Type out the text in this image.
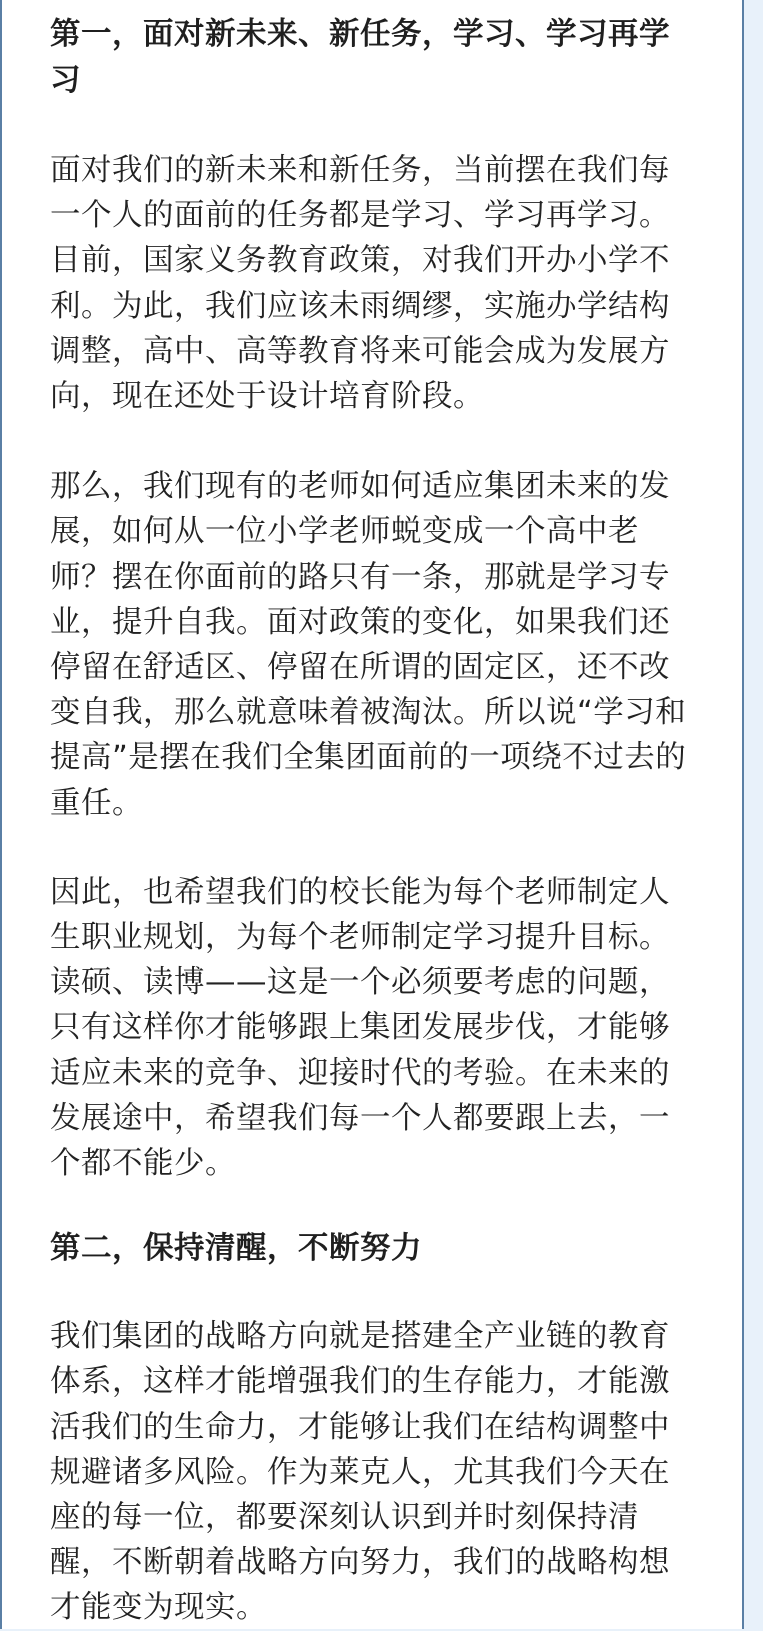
第一，面对新未来、新任务，学习、学习再学习

面对我们的新未来和新任务，当前摆在我们每一个人的面前的任务都是学习、学习再学习。目前，国家义务教育政策，对我们开办小学不利。为此，我们应该未雨绸缪，实施办学结构调整，高中、高等教育将来可能会成为发展方向，现在还处于设计培育阶段。

那么，我们现有的老师如何适应集团未来的发展，如何从一位小学老师蜕变成一个高中老师？摆在你面前的路只有一条，那就是学习专业，提升自我。面对政策的变化，如果我们还停留在舒适区、停留在所谓的固定区，还不改变自我，那么就意味着被淘汰。所以说“学习和提高”是摆在我们全集团面前的一项绕不过去的重任。

因此，也希望我们的校长能为每个老师制定人生职业规划，为每个老师制定学习提升目标。读硕、读博——这是一个必须要考虑的问题，只有这样你才能够跟上集团发展步伐，才能够适应未来的竞争、迎接时代的考验。在未来的发展途中，希望我们每一个人都要跟上去，一个都不能少。

第二，保持清醒，不断努力

我们集团的战略方向就是搭建全产业链的教育体系，这样才能增强我们的生存能力，才能激活我们的生命力，才能够让我们在结构调整中规避诸多风险。作为莱克人，尤其我们今天在座的每一位，都要深刻认识到并时刻保持清醒，不断朝着战略方向努力，我们的战略构想才能变为现实。
